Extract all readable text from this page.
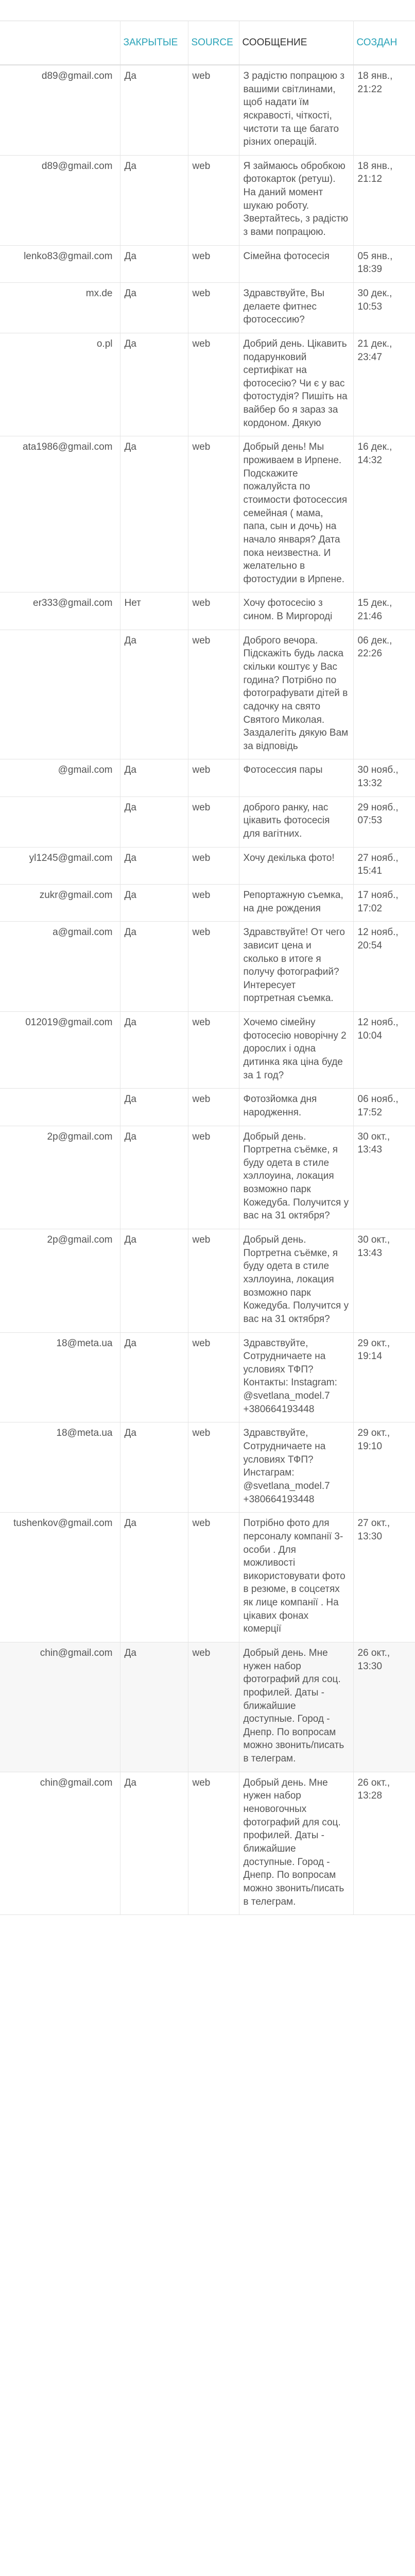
	ЗАКРЫТЫЕ	SOURCE	СООБЩЕНИЕ	СОЗДАН
d89@gmail.com	Да	web	З радістю попрацюю з вашими світлинами, щоб надати їм яскравості, чіткості, чистоти та ще багато різних операцій.	18 янв., 21:22
d89@gmail.com	Да	web	Я займаюсь обробкою фотокарток (ретуш). На даний момент шукаю роботу. Звертайтесь, з радістю з вами попрацюю.	18 янв., 21:12
lenko83@gmail.com	Да	web	Сімейна фотосесія	05 янв., 18:39
mx.de	Да	web	Здравствуйте, Вы делаете фитнес фотосессию?	30 дек., 10:53
o.pl	Да	web	Добрий день. Цікавить подарунковий сертифікат на фотосесію? Чи є у вас фотостудія? Пишіть на вайбер бо я зараз за кордоном. Дякую	21 дек., 23:47
ata1986@gmail.com	Да	web	Добрый день! Мы проживаем в Ирпене. Подскажите пожалуйста по стоимости фотосессия семейная ( мама, папа, сын и дочь) на начало января? Дата пока неизвестна. И желательно в фотостудии в Ирпене.	16 дек., 14:32
er333@gmail.com	Нет	web	Хочу фотосесію з сином. В Миргороді	15 дек., 21:46
	Да	web	Доброго вечора. Підскажіть будь ласка скільки коштує у Вас година? Потрібно по фотографувати дітей в садочку на свято Святого Миколая. Заздалегіть дякую Вам за відповідь	06 дек., 22:26
@gmail.com	Да	web	Фотосессия пары	30 нояб., 13:32
	Да	web	доброго ранку, нас цікавить фотосесія для вагітних.	29 нояб., 07:53
yl1245@gmail.com	Да	web	Хочу декілька фото!	27 нояб., 15:41
zukr@gmail.com	Да	web	Репортажную съемка, на дне рождения	17 нояб., 17:02
a@gmail.com	Да	web	Здравствуйте! От чего зависит цена и сколько в итоге я получу фотографий? Интересует портретная съемка.	12 нояб., 20:54
012019@gmail.com	Да	web	Хочемо сімейну фотосесію новорічну 2 дорослих і одна дитинка яка ціна буде за 1 год?	12 нояб., 10:04
	Да	web	Фотозйомка дня народження.	06 нояб., 17:52
2p@gmail.com	Да	web	Добрый день. Портретна съёмке, я буду одета в стиле хэллоуина, локация возможно парк Кожедуба. Получится у вас на 31 октября?	30 окт., 13:43
2p@gmail.com	Да	web	Добрый день. Портретна съёмке, я буду одета в стиле хэллоуина, локация возможно парк Кожедуба. Получится у вас на 31 октября?	30 окт., 13:43
18@meta.ua	Да	web	Здравствуйте, Сотрудничаете на условиях ТФП? Контакты: Instagram: @svetlana_model.7 +380664193448	29 окт., 19:14
18@meta.ua	Да	web	Здравствуйте, Сотрудничаете на условиях ТФП? Инстаграм: @svetlana_model.7 +380664193448	29 окт., 19:10
tushenkov@gmail.com	Да	web	Потрібно фото для персоналу компанії 3- особи . Для можливості використовувати фото в резюме, в соцсетях як лице компанії . На цікавих фонах комерції	27 окт., 13:30
chin@gmail.com	Да	web	Добрый день. Мне нужен набор фотографий для соц. профилей. Даты - ближайшие доступные. Город - Днепр. По вопросам можно звонить/писать в телеграм.	26 окт., 13:30
chin@gmail.com	Да	web	Добрый день. Мне нужен набор неновогочных фотографий для соц. профилей. Даты - ближайшие доступные. Город - Днепр. По вопросам можно звонить/писать в телеграм.	26 окт., 13:28
